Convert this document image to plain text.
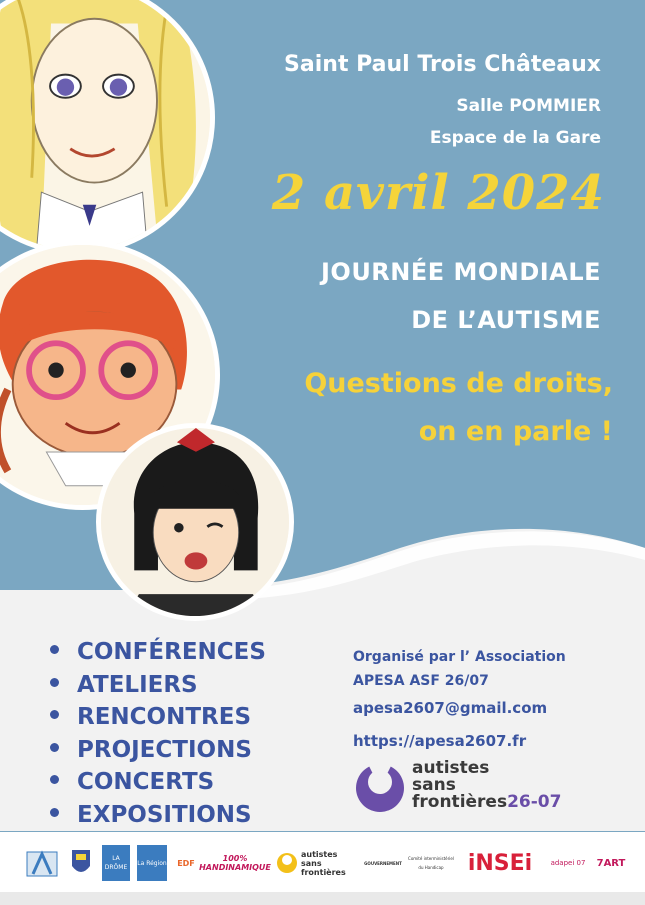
Saint Paul Trois Châteaux
Salle POMMIER
Espace de la Gare
2 avril 2024
JOURNÉE MONDIALE
DE L’AUTISME
Questions de droits,
on en parle !
CONFÉRENCES
ATELIERS
RENCONTRES
PROJECTIONS
CONCERTS
EXPOSITIONS
Organisé par l’ Association
APESA ASF 26/07
apesa2607@gmail.com
https://apesa2607.fr
autistes
sans
frontières26-07
LA DRÔME
La Région EDF	100% HANDINAMIQUE
autistes
sans
frontières
GOUVERNEMENT
Comité interministériel du Handicap	iNSEi	adapei 07	7ART
